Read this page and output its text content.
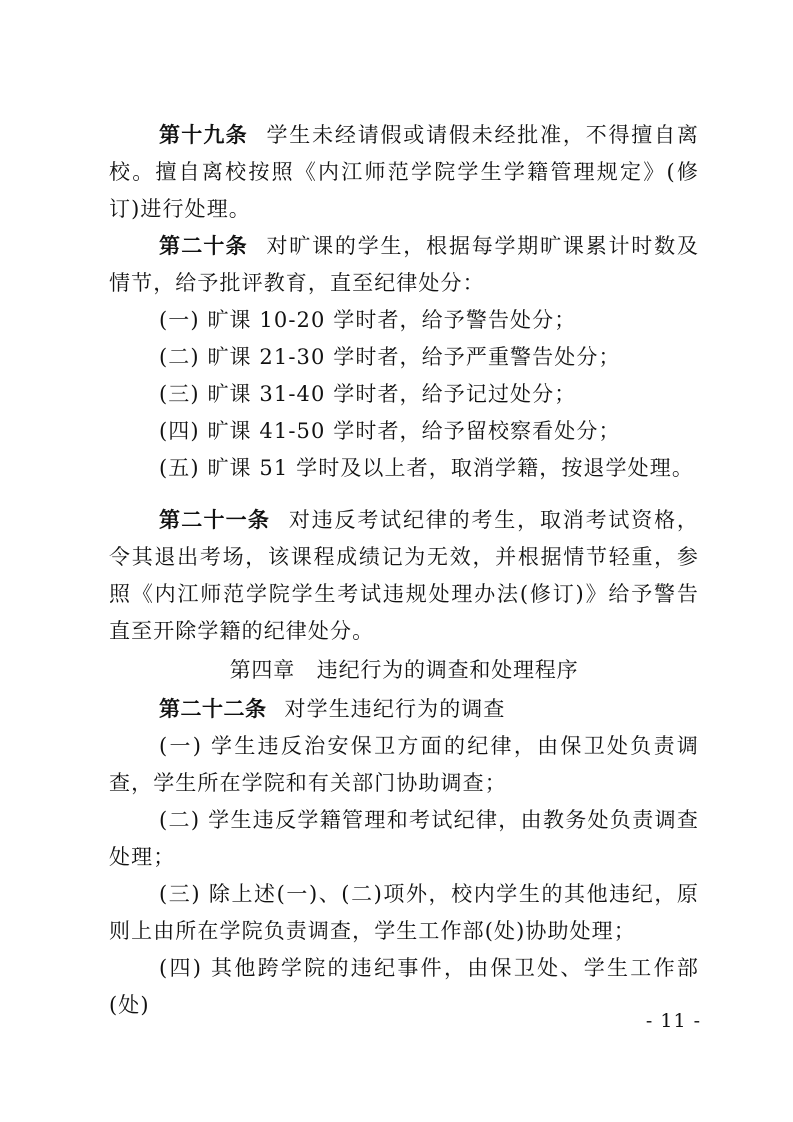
第十九条 学生未经请假或请假未经批准，不得擅自离校。擅自离校按照《内江师范学院学生学籍管理规定》(修订)进行处理。

第二十条 对旷课的学生，根据每学期旷课累计时数及情节，给予批评教育，直至纪律处分：

(一) 旷课 10-20 学时者，给予警告处分；

(二) 旷课 21-30 学时者，给予严重警告处分；

(三) 旷课 31-40 学时者，给予记过处分；

(四) 旷课 41-50 学时者，给予留校察看处分；

(五) 旷课 51 学时及以上者，取消学籍，按退学处理。

第二十一条 对违反考试纪律的考生，取消考试资格，令其退出考场，该课程成绩记为无效，并根据情节轻重，参照《内江师范学院学生考试违规处理办法(修订)》给予警告直至开除学籍的纪律处分。

第四章　违纪行为的调查和处理程序

第二十二条 对学生违纪行为的调查

(一) 学生违反治安保卫方面的纪律，由保卫处负责调查，学生所在学院和有关部门协助调查；

(二) 学生违反学籍管理和考试纪律，由教务处负责调查处理；

(三) 除上述(一)、(二)项外，校内学生的其他违纪，原则上由所在学院负责调查，学生工作部(处)协助处理；

(四) 其他跨学院的违纪事件，由保卫处、学生工作部(处)

- 11 -
